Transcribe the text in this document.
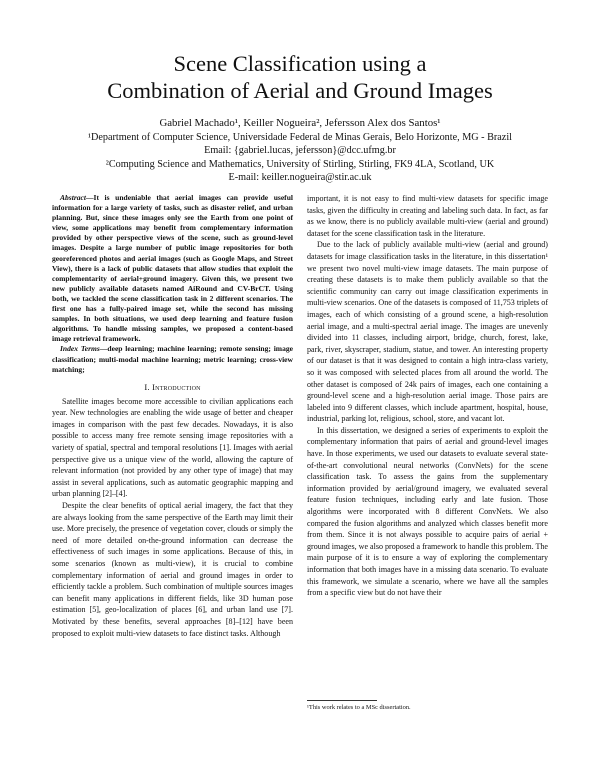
Scene Classification using a
Combination of Aerial and Ground Images
Gabriel Machado¹, Keiller Nogueira², Jefersson Alex dos Santos¹
¹Department of Computer Science, Universidade Federal de Minas Gerais, Belo Horizonte, MG - Brazil
Email: {gabriel.lucas, jefersson}@dcc.ufmg.br
²Computing Science and Mathematics, University of Stirling, Stirling, FK9 4LA, Scotland, UK
E-mail: keiller.nogueira@stir.ac.uk

Abstract—It is undeniable that aerial images can provide useful information for a large variety of tasks, such as disaster relief, and urban planning. But, since these images only see the Earth from one point of view, some applications may benefit from complementary information provided by other perspective views of the scene, such as ground-level images. Despite a large number of public image repositories for both georeferenced photos and aerial images (such as Google Maps, and Street View), there is a lack of public datasets that allow studies that exploit the complementarity of aerial+ground imagery. Given this, we present two new publicly available datasets named AiRound and CV-BrCT. Using both, we tackled the scene classification task in 2 different scenarios. The first one has a fully-paired image set, while the second has missing samples. In both situations, we used deep learning and feature fusion algorithms. To handle missing samples, we proposed a content-based image retrieval framework.

Index Terms—deep learning; machine learning; remote sensing; image classification; multi-modal machine learning; metric learning; cross-view matching;

I. Introduction

Satellite images become more accessible to civilian applications each year. New technologies are enabling the wide usage of better and cheaper images in comparison with the past few decades. Nowadays, it is also possible to access many free remote sensing image repositories with a variety of spatial, spectral and temporal resolutions [1]. Images with aerial perspective give us a unique view of the world, allowing the capture of relevant information (not provided by any other type of image) that may assist in several applications, such as automatic geographic mapping and urban planning [2]–[4].

Despite the clear benefits of optical aerial imagery, the fact that they are always looking from the same perspective of the Earth may limit their use. More precisely, the presence of vegetation cover, clouds or simply the need of more detailed on-the-ground information can decrease the effectiveness of such images in some applications. Because of this, in some scenarios (known as multi-view), it is crucial to combine complementary information of aerial and ground images in order to efficiently tackle a problem. Such combination of multiple sources images can benefit many applications in different fields, like 3D human pose estimation [5], geo-localization of places [6], and urban land use [7]. Motivated by these benefits, several approaches [8]–[12] have been proposed to exploit multi-view datasets to face distinct tasks. Although

important, it is not easy to find multi-view datasets for specific image tasks, given the difficulty in creating and labeling such data. In fact, as far as we know, there is no publicly available multi-view (aerial and ground) dataset for the scene classification task in the literature.

Due to the lack of publicly available multi-view (aerial and ground) datasets for image classification tasks in the literature, in this dissertation¹ we present two novel multi-view image datasets. The main purpose of creating these datasets is to make them publicly available so that the scientific community can carry out image classification experiments in multi-view scenarios. One of the datasets is composed of 11,753 triplets of images, each of which consisting of a ground scene, a high-resolution aerial image, and a multi-spectral aerial image. The images are unevenly divided into 11 classes, including airport, bridge, church, forest, lake, park, river, skyscraper, stadium, statue, and tower. An interesting property of our dataset is that it was designed to contain a high intra-class variety, so it was composed with selected places from all around the world. The other dataset is composed of 24k pairs of images, each one containing a ground-level scene and a high-resolution aerial image. Those pairs are labeled into 9 different classes, which include apartment, hospital, house, industrial, parking lot, religious, school, store, and vacant lot.

In this dissertation, we designed a series of experiments to exploit the complementary information that pairs of aerial and ground-level images have. In those experiments, we used our datasets to evaluate several state-of-the-art convolutional neural networks (ConvNets) for the scene classification task. To assess the gains from the supplementary information provided by aerial/ground imagery, we evaluated several feature fusion techniques, including early and late fusion. Those algorithms were incorporated with 8 different ConvNets. We also compared the fusion algorithms and analyzed which classes benefit more from them. Since it is not always possible to acquire pairs of aerial + ground images, we also proposed a framework to handle this problem. The main purpose of it is to ensure a way of exploring the complementary information that both images have in a missing data scenario. To evaluate this framework, we simulate a scenario, where we have all the samples from a specific view but do not have their

¹This work relates to a MSc dissertation.
